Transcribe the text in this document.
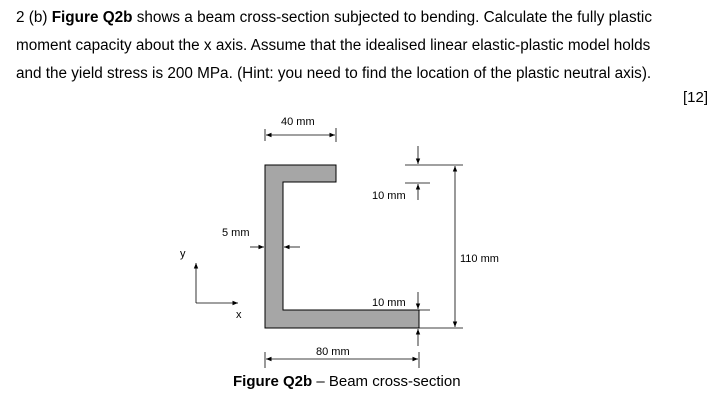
2 (b) Figure Q2b shows a beam cross-section subjected to bending. Calculate the fully plastic
moment capacity about the x axis. Assume that the idealised linear elastic-plastic model holds
and the yield stress is 200 MPa. (Hint: you need to find the location of the plastic neutral axis).
[12]
40 mm
5 mm
10 mm
10 mm
110 mm
80 mm
y
x
Figure Q2b – Beam cross-section
